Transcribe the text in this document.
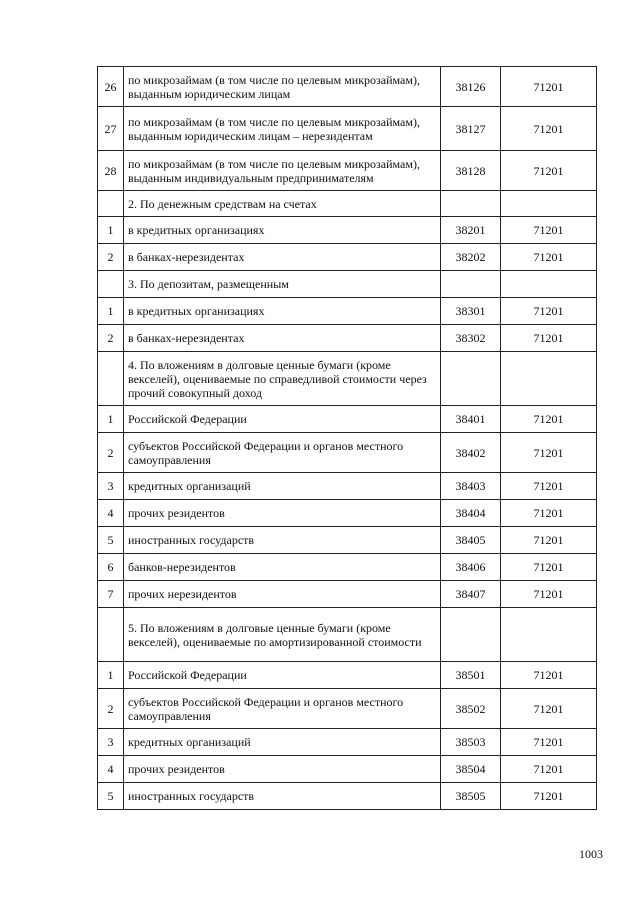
26	по микрозаймам (в том числе по целевым микрозаймам), выданным юридическим лицам	38126	71201
27	по микрозаймам (в том числе по целевым микрозаймам), выданным юридическим лицам – нерезидентам	38127	71201
28	по микрозаймам (в том числе по целевым микрозаймам), выданным индивидуальным предпринимателям	38128	71201
	2. По денежным средствам на счетах		
1	в кредитных организациях	38201	71201
2	в банках-нерезидентах	38202	71201
	3. По депозитам, размещенным		
1	в кредитных организациях	38301	71201
2	в банках-нерезидентах	38302	71201
	4. По вложениям в долговые ценные бумаги (кроме векселей), оцениваемые по справедливой стоимости через прочий совокупный доход		
1	Российской Федерации	38401	71201
2	субъектов Российской Федерации и органов местного самоуправления	38402	71201
3	кредитных организаций	38403	71201
4	прочих резидентов	38404	71201
5	иностранных государств	38405	71201
6	банков-нерезидентов	38406	71201
7	прочих нерезидентов	38407	71201
	5. По вложениям в долговые ценные бумаги (кроме векселей), оцениваемые по амортизированной стоимости		
1	Российской Федерации	38501	71201
2	субъектов Российской Федерации и органов местного самоуправления	38502	71201
3	кредитных организаций	38503	71201
4	прочих резидентов	38504	71201
5	иностранных государств	38505	71201
1003
